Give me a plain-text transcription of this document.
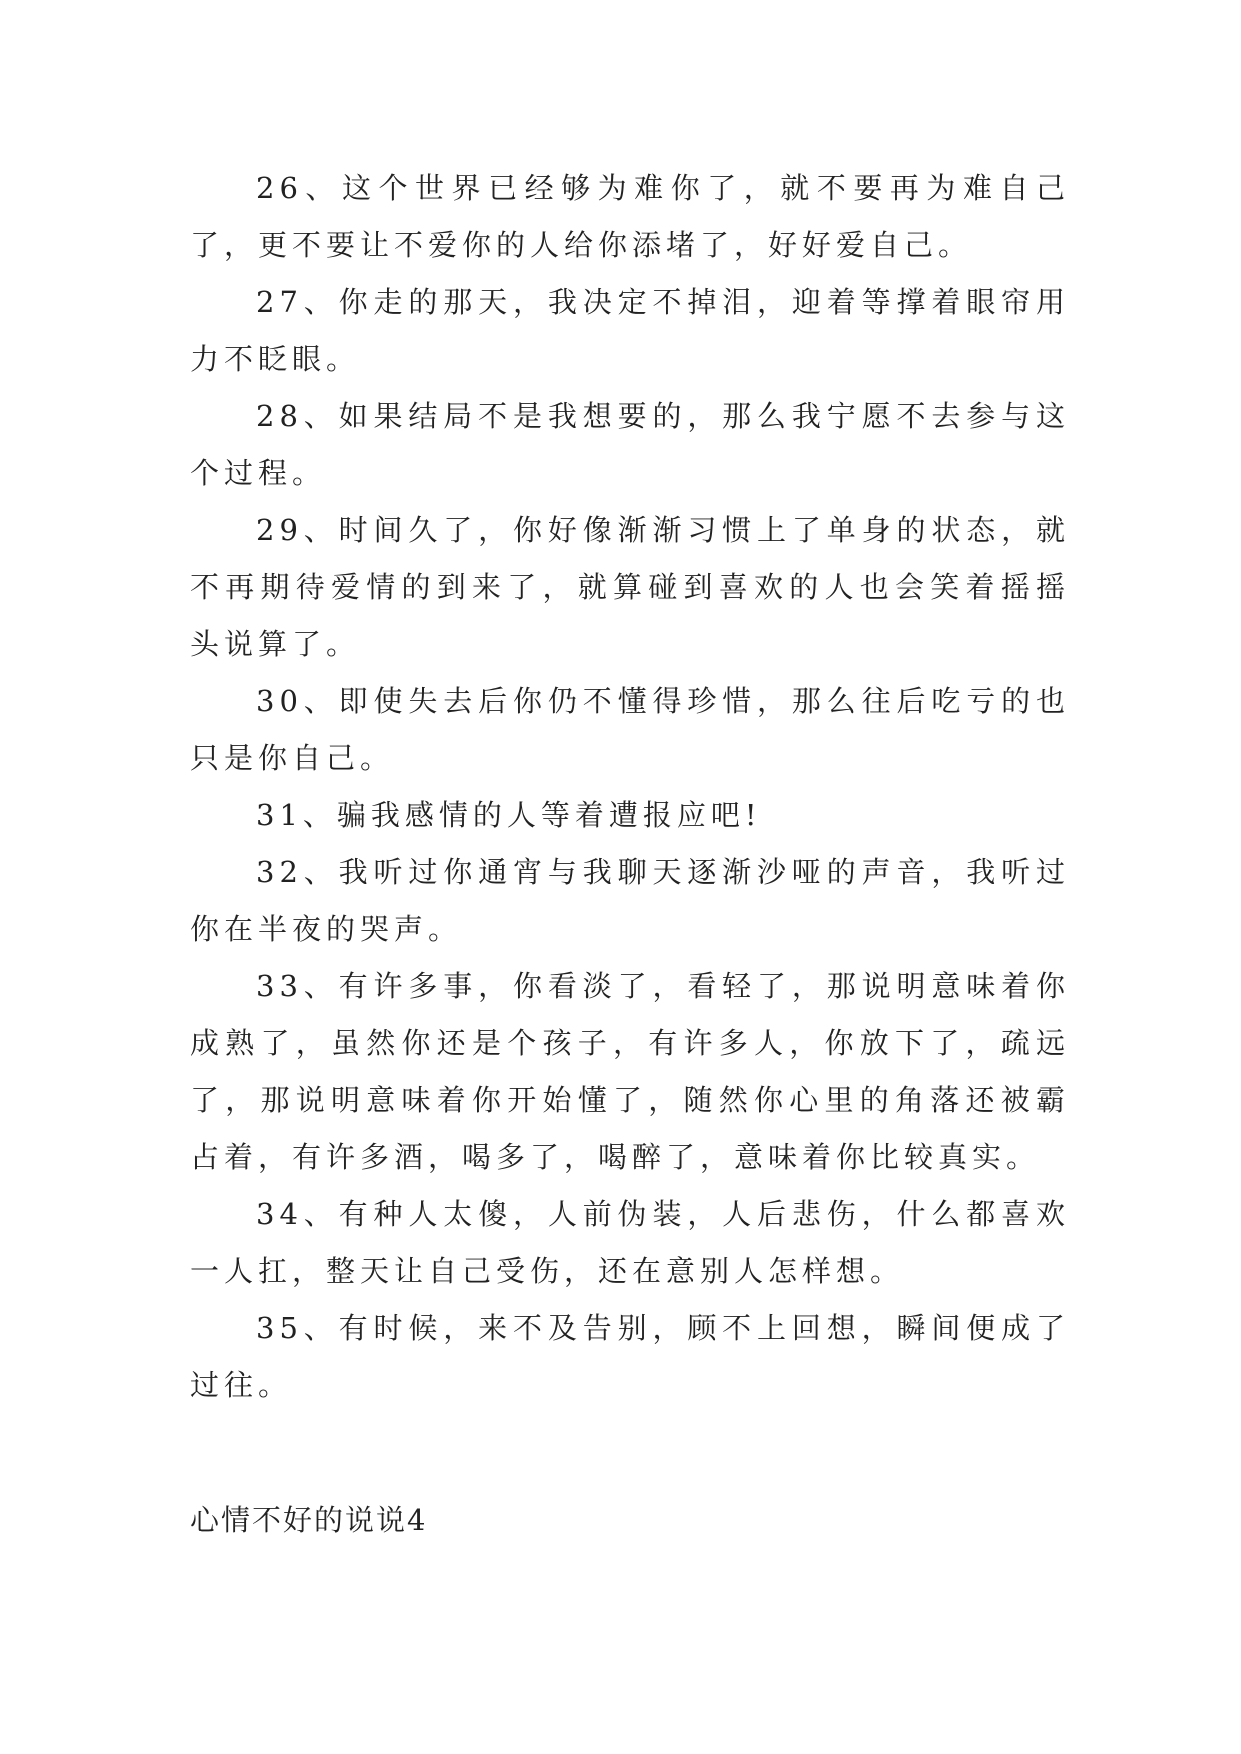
26、这个世界已经够为难你了，就不要再为难自己了，更不要让不爱你的人给你添堵了，好好爱自己。

27、你走的那天，我决定不掉泪，迎着等撑着眼帘用力不眨眼。

28、如果结局不是我想要的，那么我宁愿不去参与这个过程。

29、时间久了，你好像渐渐习惯上了单身的状态，就不再期待爱情的到来了，就算碰到喜欢的人也会笑着摇摇头说算了。

30、即使失去后你仍不懂得珍惜，那么往后吃亏的也只是你自己。

31、骗我感情的人等着遭报应吧!

32、我听过你通宵与我聊天逐渐沙哑的声音，我听过你在半夜的哭声。

33、有许多事，你看淡了，看轻了，那说明意味着你成熟了，虽然你还是个孩子，有许多人，你放下了，疏远了，那说明意味着你开始懂了，随然你心里的角落还被霸占着，有许多酒，喝多了，喝醉了，意味着你比较真实。

34、有种人太傻，人前伪装，人后悲伤，什么都喜欢一人扛，整天让自己受伤，还在意别人怎样想。

35、有时候，来不及告别，顾不上回想，瞬间便成了过往。

心情不好的说说4
